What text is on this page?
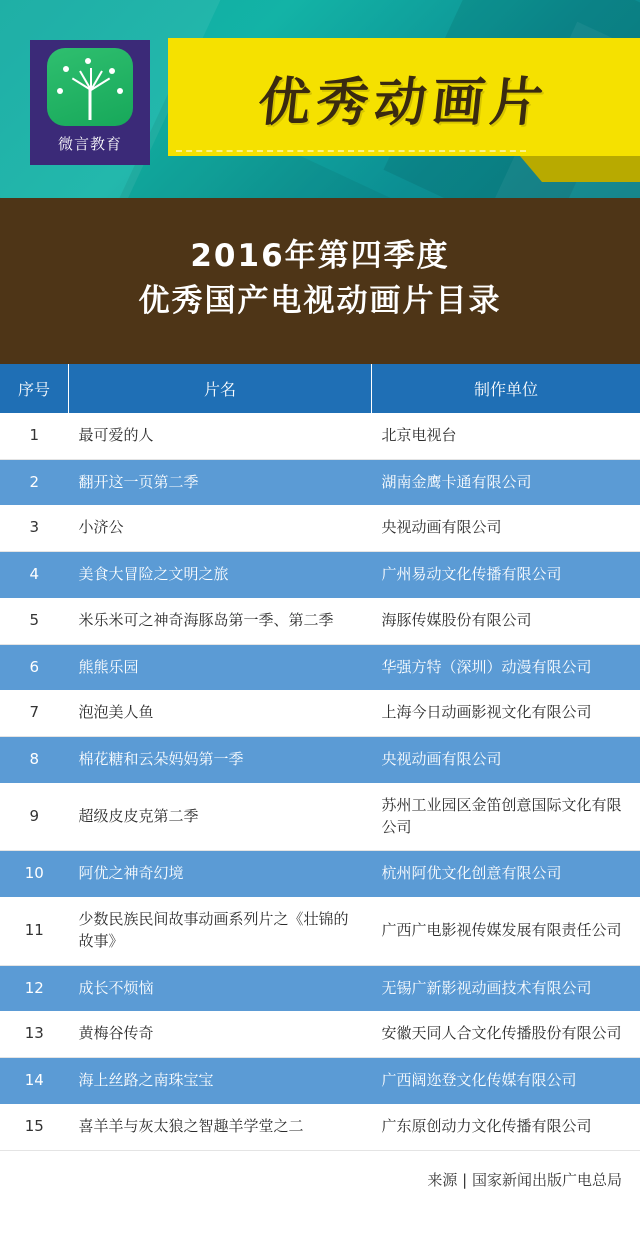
微言教育
优秀动画片
2016年第四季度
优秀国产电视动画片目录
序号	片名	制作单位
1	最可爱的人	北京电视台
2	翻开这一页第二季	湖南金鹰卡通有限公司
3	小济公	央视动画有限公司
4	美食大冒险之文明之旅	广州易动文化传播有限公司
5	米乐米可之神奇海豚岛第一季、第二季	海豚传媒股份有限公司
6	熊熊乐园	华强方特（深圳）动漫有限公司
7	泡泡美人鱼	上海今日动画影视文化有限公司
8	棉花糖和云朵妈妈第一季	央视动画有限公司
9	超级皮皮克第二季	苏州工业园区金笛创意国际文化有限公司
10	阿优之神奇幻境	杭州阿优文化创意有限公司
11	少数民族民间故事动画系列片之《壮锦的故事》	广西广电影视传媒发展有限责任公司
12	成长不烦恼	无锡广新影视动画技术有限公司
13	黄梅谷传奇	安徽天同人合文化传播股份有限公司
14	海上丝路之南珠宝宝	广西阔迩登文化传媒有限公司
15	喜羊羊与灰太狼之智趣羊学堂之二	广东原创动力文化传播有限公司
来源 | 国家新闻出版广电总局
